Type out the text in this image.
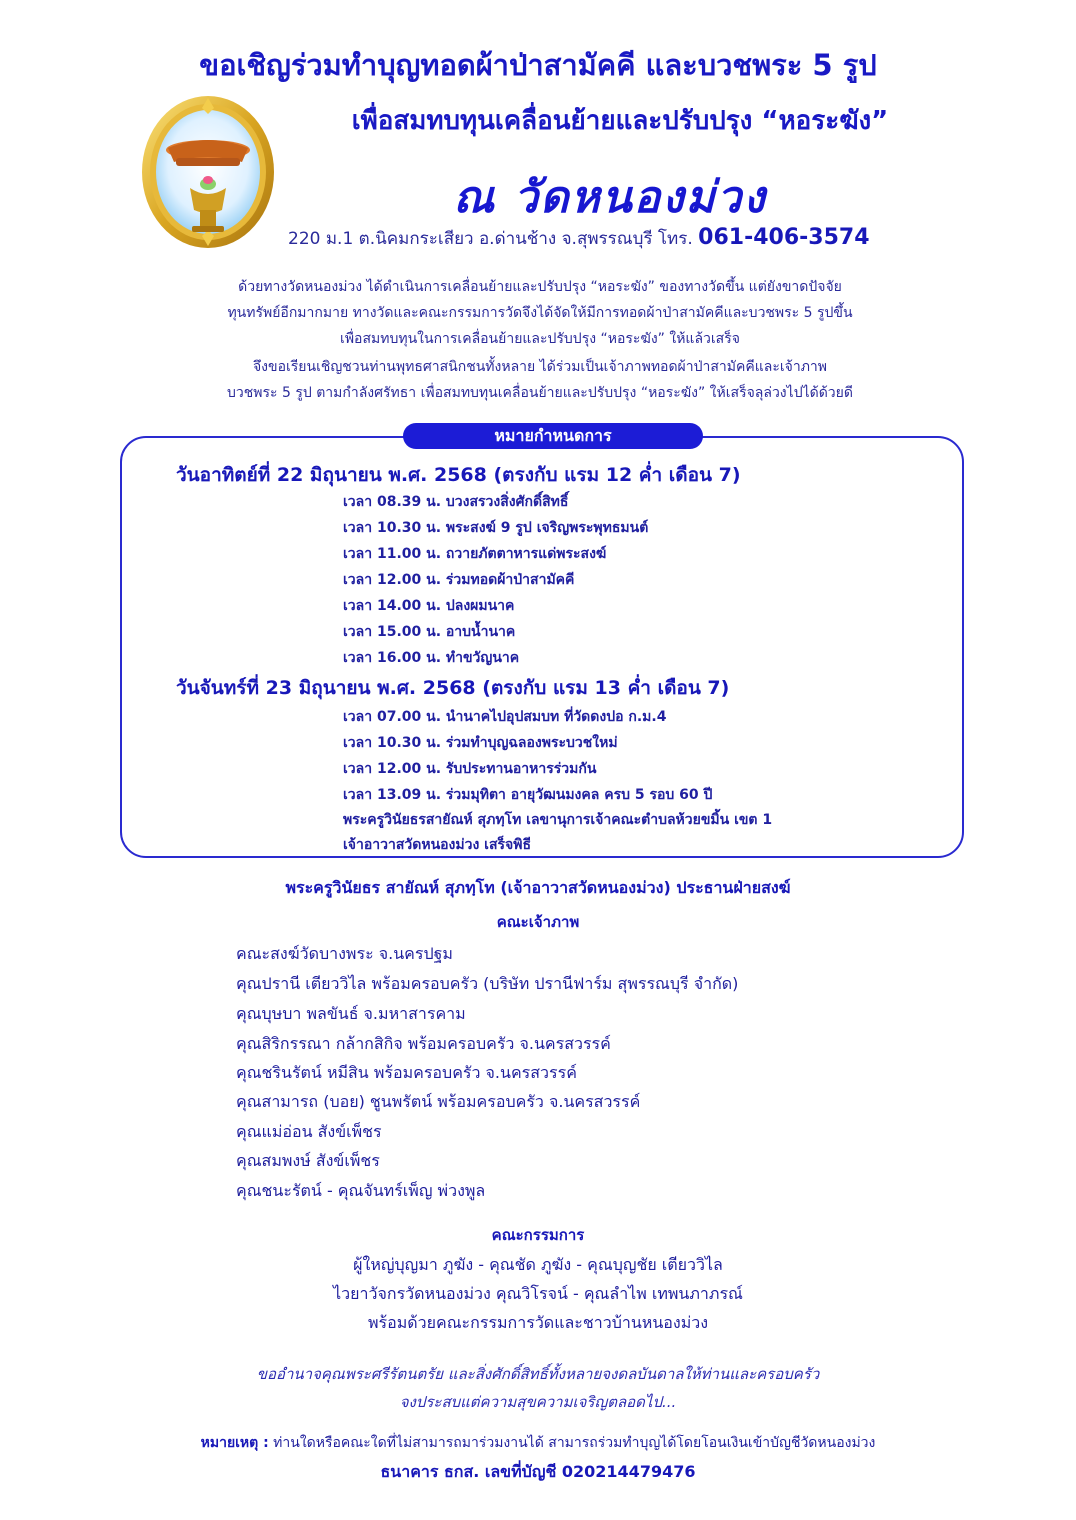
ขอเชิญร่วมทำบุญทอดผ้าป่าสามัคคี และบวชพระ 5 รูป
เพื่อสมทบทุนเคลื่อนย้ายและปรับปรุง “หอระฆัง”
ณ วัดหนองม่วง
220 ม.1 ต.นิคมกระเสียว อ.ด่านช้าง จ.สุพรรณบุรี โทร. 061-406-3574

ด้วยทางวัดหนองม่วง ได้ดำเนินการเคลื่อนย้ายและปรับปรุง “หอระฆัง” ของทางวัดขึ้น แต่ยังขาดปัจจัย

ทุนทรัพย์อีกมากมาย ทางวัดและคณะกรรมการวัดจึงได้จัดให้มีการทอดผ้าป่าสามัคคีและบวชพระ 5 รูปขึ้น

เพื่อสมทบทุนในการเคลื่อนย้ายและปรับปรุง “หอระฆัง” ให้แล้วเสร็จ

จึงขอเรียนเชิญชวนท่านพุทธศาสนิกชนทั้งหลาย ได้ร่วมเป็นเจ้าภาพทอดผ้าป่าสามัคคีและเจ้าภาพ

บวชพระ 5 รูป ตามกำลังศรัทธา เพื่อสมทบทุนเคลื่อนย้ายและปรับปรุง “หอระฆัง” ให้เสร็จลุล่วงไปได้ด้วยดี

หมายกำหนดการ
วันอาทิตย์ที่ 22 มิถุนายน พ.ศ. 2568 (ตรงกับ แรม 12 ค่ำ เดือน 7)
เวลา 08.39 น. บวงสรวงสิ่งศักดิ์สิทธิ์
เวลา 10.30 น. พระสงฆ์ 9 รูป เจริญพระพุทธมนต์
เวลา 11.00 น. ถวายภัตตาหารแด่พระสงฆ์
เวลา 12.00 น. ร่วมทอดผ้าป่าสามัคคี
เวลา 14.00 น. ปลงผมนาค
เวลา 15.00 น. อาบน้ำนาค
เวลา 16.00 น. ทำขวัญนาค
วันจันทร์ที่ 23 มิถุนายน พ.ศ. 2568 (ตรงกับ แรม 13 ค่ำ เดือน 7)
เวลา 07.00 น. นำนาคไปอุปสมบท ที่วัดดงปอ ก.ม.4
เวลา 10.30 น. ร่วมทำบุญฉลองพระบวชใหม่
เวลา 12.00 น. รับประทานอาหารร่วมกัน
เวลา 13.09 น. ร่วมมุทิตา อายุวัฒนมงคล ครบ 5 รอบ 60 ปี
พระครูวินัยธรสายัณห์ สุภทฺโท เลขานุการเจ้าคณะตำบลห้วยขมิ้น เขต 1
เจ้าอาวาสวัดหนองม่วง เสร็จพิธี
พระครูวินัยธร สายัณห์ สุภทฺโท (เจ้าอาวาสวัดหนองม่วง) ประธานฝ่ายสงฆ์
คณะเจ้าภาพ
คณะสงฆ์วัดบางพระ จ.นครปฐม
คุณปรานี เตียววิไล พร้อมครอบครัว (บริษัท ปรานีฟาร์ม สุพรรณบุรี จำกัด)
คุณบุษบา พลขันธ์ จ.มหาสารคาม
คุณสิริกรรณา กล้ากสิกิจ พร้อมครอบครัว จ.นครสวรรค์
คุณชรินรัตน์ หมีสิน พร้อมครอบครัว จ.นครสวรรค์
คุณสามารถ (บอย) ชูนพรัตน์ พร้อมครอบครัว จ.นครสวรรค์
คุณแม่อ่อน สังข์เพ็ชร
คุณสมพงษ์ สังข์เพ็ชร
คุณชนะรัตน์ - คุณจันทร์เพ็ญ พ่วงพูล
คณะกรรมการ
ผู้ใหญ่บุญมา ภูฆัง - คุณชัด ภูฆัง - คุณบุญชัย เตียววิไล
ไวยาวัจกรวัดหนองม่วง คุณวิโรจน์ - คุณลำไพ เทพนภาภรณ์
พร้อมด้วยคณะกรรมการวัดและชาวบ้านหนองม่วง
ขออำนาจคุณพระศรีรัตนตรัย และสิ่งศักดิ์สิทธิ์ทั้งหลายจงดลบันดาลให้ท่านและครอบครัว
จงประสบแต่ความสุขความเจริญตลอดไป...
หมายเหตุ : ท่านใดหรือคณะใดที่ไม่สามารถมาร่วมงานได้ สามารถร่วมทำบุญได้โดยโอนเงินเข้าบัญชีวัดหนองม่วง
ธนาคาร ธกส. เลขที่บัญชี 020214479476
